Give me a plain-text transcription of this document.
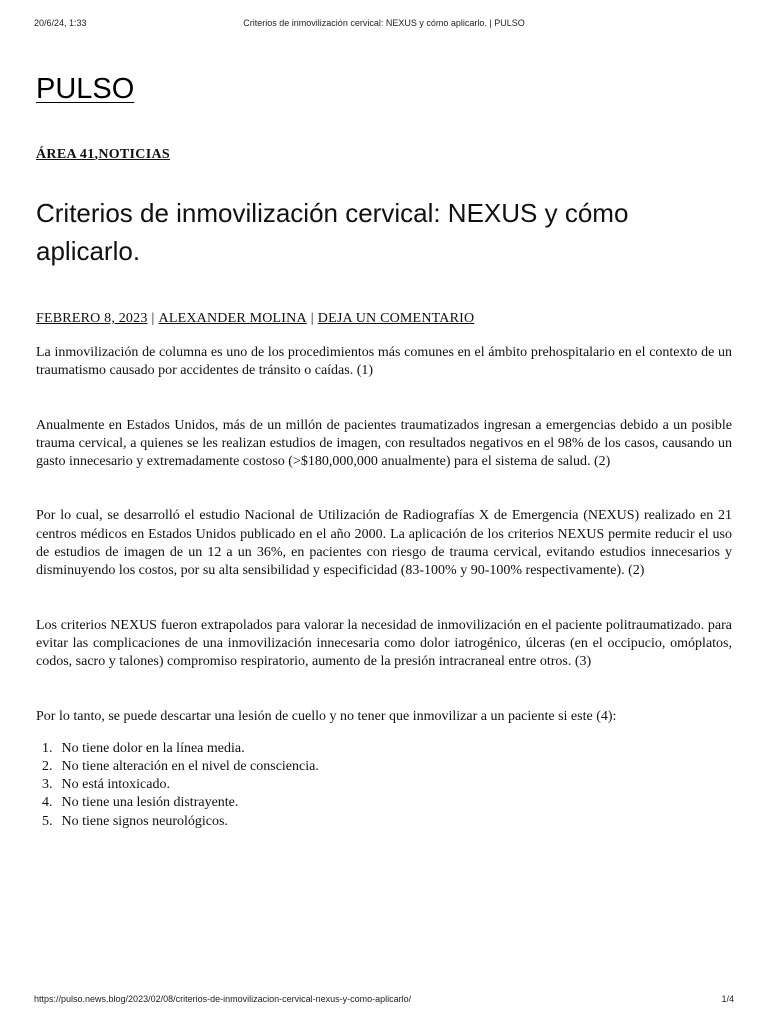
20/6/24, 1:33	Criterios de inmovilización cervical: NEXUS y cómo aplicarlo. | PULSO
PULSO
ÁREA 41,NOTICIAS
Criterios de inmovilización cervical: NEXUS y cómo aplicarlo.
FEBRERO 8, 2023 | ALEXANDER MOLINA | DEJA UN COMENTARIO

La inmovilización de columna es uno de los procedimientos más comunes en el ámbito prehospitalario en el contexto de un traumatismo causado por accidentes de tránsito o caídas. (1)

Anualmente en Estados Unidos, más de un millón de pacientes traumatizados ingresan a emergencias debido a un posible trauma cervical, a quienes se les realizan estudios de imagen, con resultados negativos en el 98% de los casos, causando un gasto innecesario y extremadamente costoso (>$180,000,000 anualmente) para el sistema de salud. (2)

Por lo cual, se desarrolló el estudio Nacional de Utilización de Radiografías X de Emergencia (NEXUS) realizado en 21 centros médicos en Estados Unidos publicado en el año 2000. La aplicación de los criterios NEXUS permite reducir el uso de estudios de imagen de un 12 a un 36%, en pacientes con riesgo de trauma cervical, evitando estudios innecesarios y disminuyendo los costos, por su alta sensibilidad y especificidad (83-100% y 90-100% respectivamente). (2)

Los criterios NEXUS fueron extrapolados para valorar la necesidad de inmovilización en el paciente politraumatizado. para evitar las complicaciones de una inmovilización innecesaria como dolor iatrogénico, úlceras (en el occipucio, omóplatos, codos, sacro y talones) compromiso respiratorio, aumento de la presión intracraneal entre otros. (3)

Por lo tanto, se puede descartar una lesión de cuello y no tener que inmovilizar a un paciente si este (4):

1. No tiene dolor en la línea media.
2. No tiene alteración en el nivel de consciencia.
3. No está intoxicado.
4. No tiene una lesión distrayente.
5. No tiene signos neurológicos.
https://pulso.news.blog/2023/02/08/criterios-de-inmovilizacion-cervical-nexus-y-como-aplicarlo/	1/4
